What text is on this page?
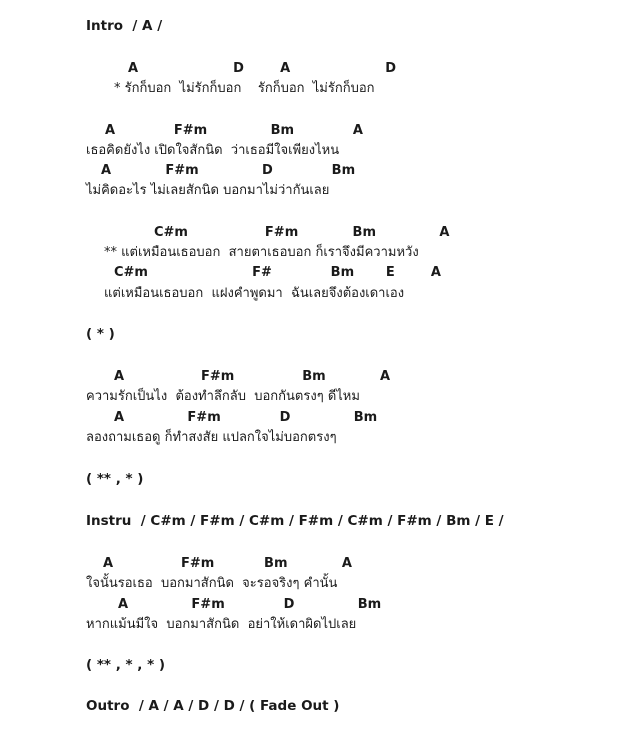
Intro  / A /
A                     D        A                     D
* รักก็บอก  ไม่รักก็บอก    รักก็บอก  ไม่รักก็บอก
A             F#m              Bm             A
เธอคิดยังไง เปิดใจสักนิด  ว่าเธอมีใจเพียงไหน
A            F#m              D             Bm
ไม่คิดอะไร ไม่เลยสักนิด บอกมาไม่ว่ากันเลย
C#m                 F#m            Bm              A
** แต่เหมือนเธอบอก  สายตาเธอบอก ก็เราจึงมีความหวัง
C#m                       F#             Bm       E        A
แต่เหมือนเธอบอก  แฝงคำพูดมา  ฉันเลยจึงต้องเดาเอง
( * )
A                 F#m               Bm            A
ความรักเป็นไง  ต้องทำลึกลับ  บอกกันตรงๆ ดีไหม
A              F#m             D              Bm
ลองถามเธอดู ก็ทำสงสัย แปลกใจไม่บอกตรงๆ
( ** , * )
Instru  / C#m / F#m / C#m / F#m / C#m / F#m / Bm / E /
A               F#m           Bm            A
ใจนั้นรอเธอ  บอกมาสักนิด  จะรอจริงๆ คำนั้น
A              F#m             D              Bm
หากแม้นมีใจ  บอกมาสักนิด  อย่าให้เดาผิดไปเลย
( ** , * , * )
Outro  / A / A / D / D / ( Fade Out )
